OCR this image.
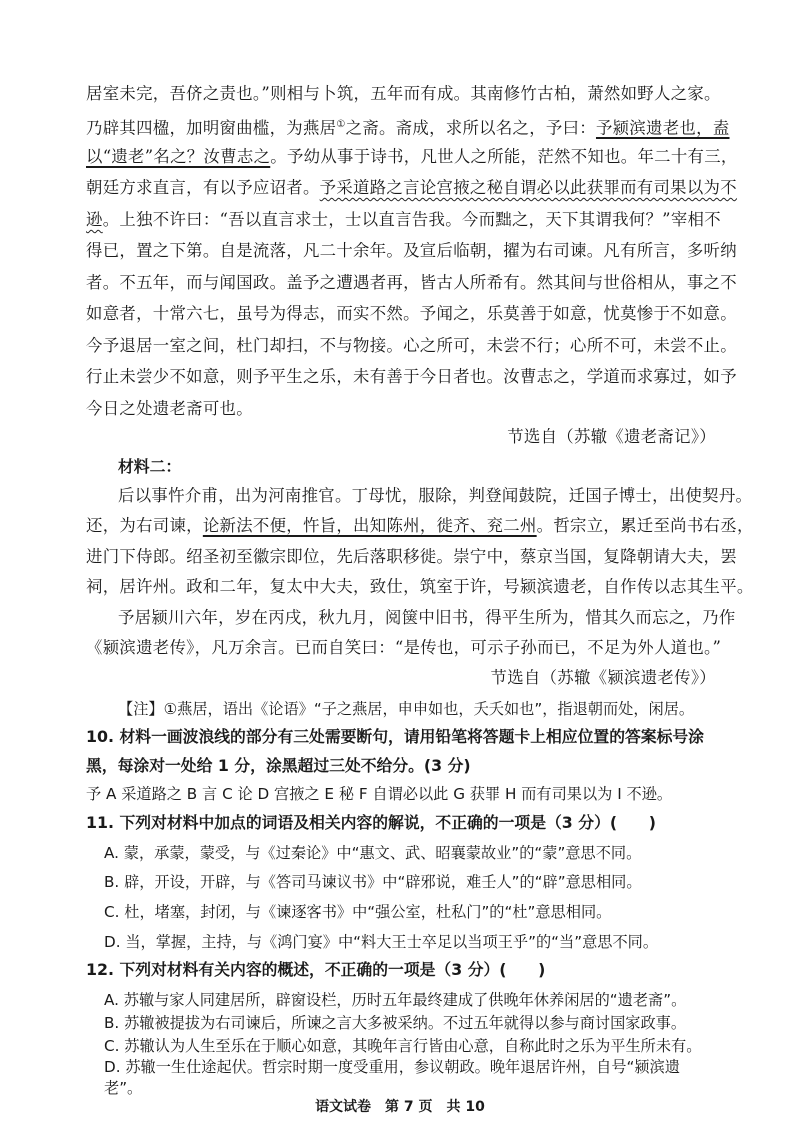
居室未完，吾侪之责也。”则相与卜筑，五年而有成。其南修竹古柏，萧然如野人之家。
乃辟其四楹，加明窗曲槛，为燕居①之斋。斋成，求所以名之，予曰：予颍滨遗老也，盍
以“遗老”名之？汝曹志之。予幼从事于诗书，凡世人之所能，茫然不知也。年二十有三，
朝廷方求直言，有以予应诏者。予采道路之言论宫掖之秘自谓必以此获罪而有司果以为不
逊。上独不许曰：“吾以直言求士，士以直言告我。今而黜之，天下其谓我何？”宰相不
得已，置之下第。自是流落，凡二十余年。及宣后临朝，擢为右司谏。凡有所言，多听纳
者。不五年，而与闻国政。盖予之遭遇者再，皆古人所希有。然其间与世俗相从，事之不
如意者，十常六七，虽号为得志，而实不然。予闻之，乐莫善于如意，忧莫惨于不如意。
今予退居一室之间，杜门却扫，不与物接。心之所可，未尝不行；心所不可，未尝不止。
行止未尝少不如意，则予平生之乐，未有善于今日者也。汝曹志之，学道而求寡过，如予
今日之处遗老斋可也。
节选自（苏辙《遗老斋记》）
材料二：
后以事忤介甫，出为河南推官。丁母忧，服除，判登闻鼓院，迁国子博士，出使契丹。
还，为右司谏，论新法不便，忤旨，出知陈州，徙齐、兖二州。哲宗立，累迁至尚书右丞，
进门下侍郎。绍圣初至徽宗即位，先后落职移徙。崇宁中，蔡京当国，复降朝请大夫，罢
祠，居许州。政和二年，复太中大夫，致仕，筑室于许，号颍滨遗老，自作传以志其生平。
予居颍川六年，岁在丙戌，秋九月，阅箧中旧书，得平生所为，惜其久而忘之，乃作
《颍滨遗老传》，凡万余言。已而自笑曰：“是传也，可示子孙而已，不足为外人道也。”
节选自（苏辙《颍滨遗老传》）
【注】①燕居，语出《论语》“子之燕居，申申如也，夭夭如也”，指退朝而处，闲居。
10. 材料一画波浪线的部分有三处需要断句，请用铅笔将答题卡上相应位置的答案标号涂
黑，每涂对一处给 1 分，涂黑超过三处不给分。(3 分)
予 A 采道路之 B 言 C 论 D 宫掖之 E 秘 F 自谓必以此 G 获罪 H 而有司果以为 I 不逊。
11. 下列对材料中加点的词语及相关内容的解说，不正确的一项是（3 分）(　　)
A. 蒙，承蒙，蒙受，与《过秦论》中“惠文、武、昭襄蒙故业”的“蒙”意思不同。
B. 辟，开设，开辟，与《答司马谏议书》中“辟邪说，难壬人”的“辟”意思相同。
C. 杜，堵塞，封闭，与《谏逐客书》中“强公室，杜私门”的“杜”意思相同。
D. 当，掌握，主持，与《鸿门宴》中“料大王士卒足以当项王乎”的“当”意思不同。
12. 下列对材料有关内容的概述，不正确的一项是（3 分）(　　)
A. 苏辙与家人同建居所，辟窗设栏，历时五年最终建成了供晚年休养闲居的“遗老斋”。
B. 苏辙被提拔为右司谏后，所谏之言大多被采纳。不过五年就得以参与商讨国家政事。
C. 苏辙认为人生至乐在于顺心如意，其晚年言行皆由心意，自称此时之乐为平生所未有。
D. 苏辙一生仕途起伏。哲宗时期一度受重用，参议朝政。晚年退居许州，自号“颍滨遗
老”。
语文试卷　第 7 页　共 10
